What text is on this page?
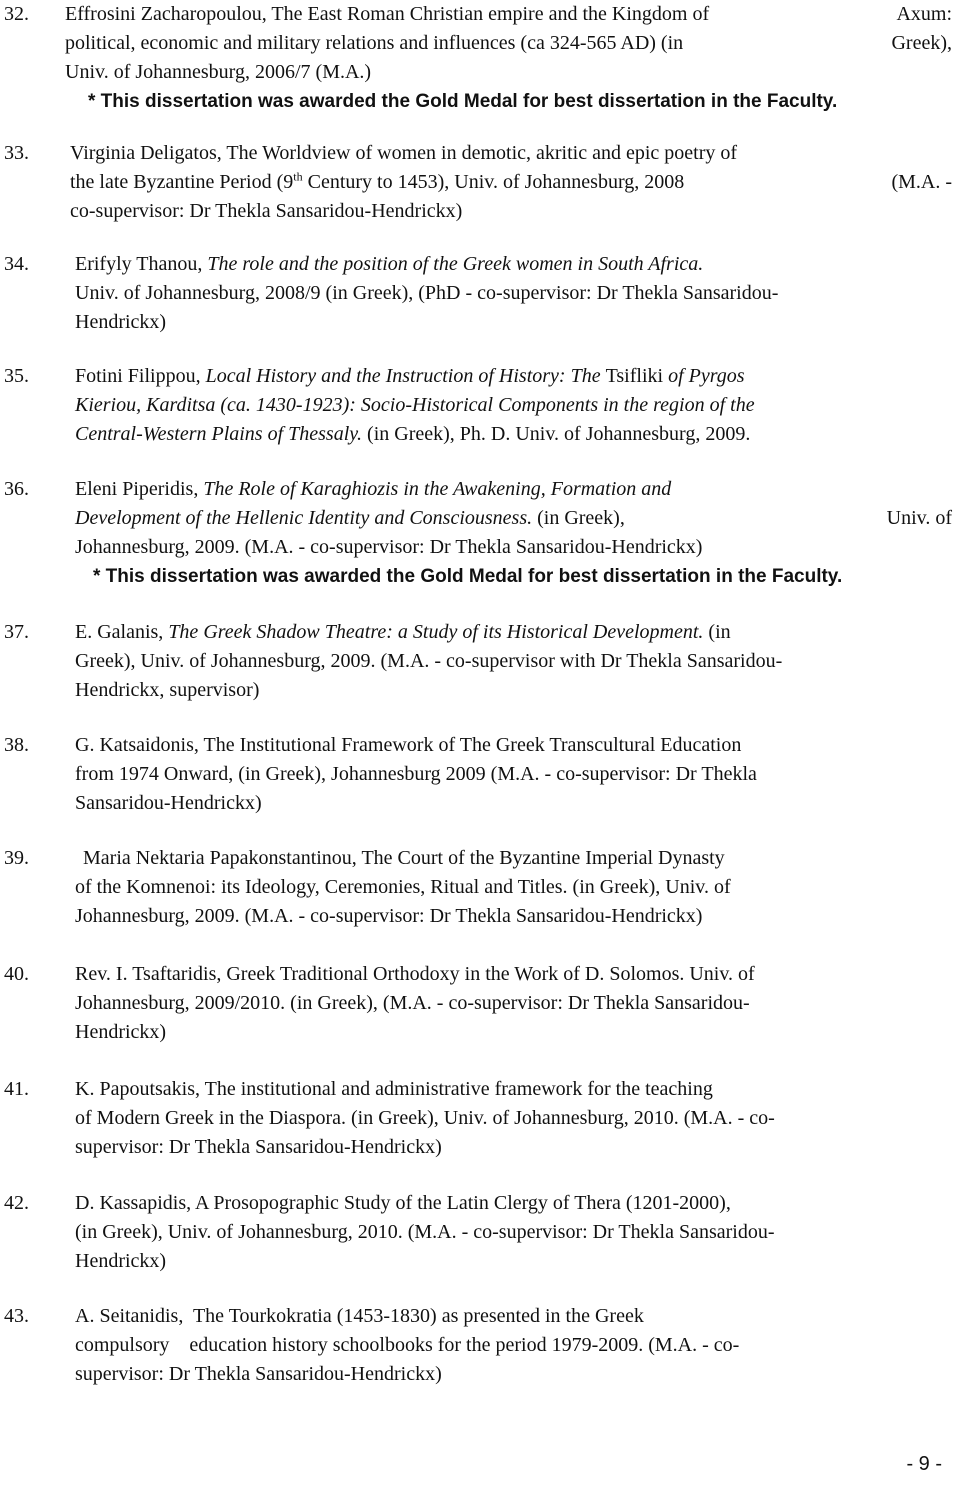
32. Effrosini Zacharopoulou, The East Roman Christian empire and the Kingdom of	Axum:
political, economic and military relations and influences (ca 324-565 AD) (in	Greek),
Univ. of Johannesburg, 2006/7 (M.A.)
* This dissertation was awarded the Gold Medal for best dissertation in the Faculty.
33. Virginia Deligatos, The Worldview of women in demotic, akritic and epic poetry of
the late Byzantine Period (9th Century to 1453), Univ. of Johannesburg, 2008	(M.A. -
co-supervisor: Dr Thekla Sansaridou-Hendrickx)
34. Erifyly Thanou, The role and the position of the Greek women in South Africa.
Univ. of Johannesburg, 2008/9 (in Greek), (PhD - co-supervisor: Dr Thekla Sansaridou-
Hendrickx)
35. Fotini Filippou, Local History and the Instruction of History: The Tsifliki of Pyrgos
Kieriou, Karditsa (ca. 1430-1923): Socio-Historical Components in the region of the
Central-Western Plains of Thessaly. (in Greek), Ph. D. Univ. of Johannesburg, 2009.
36. Eleni Piperidis, The Role of Karaghiozis in the Awakening, Formation and
Development of the Hellenic Identity and Consciousness. (in Greek),	Univ. of
Johannesburg, 2009. (M.A. - co-supervisor: Dr Thekla Sansaridou-Hendrickx)
* This dissertation was awarded the Gold Medal for best dissertation in the Faculty.
37. E. Galanis, The Greek Shadow Theatre: a Study of its Historical Development. (in
Greek), Univ. of Johannesburg, 2009. (M.A. - co-supervisor with Dr Thekla Sansaridou-
Hendrickx, supervisor)
38. G. Katsaidonis, The Institutional Framework of The Greek Transcultural Education
from 1974 Onward, (in Greek), Johannesburg 2009 (M.A. - co-supervisor: Dr Thekla
Sansaridou-Hendrickx)
39.	Maria Nektaria Papakonstantinou, The Court of the Byzantine Imperial Dynasty
of the Komnenoi: its Ideology, Ceremonies, Ritual and Titles. (in Greek), Univ. of
Johannesburg, 2009. (M.A. - co-supervisor: Dr Thekla Sansaridou-Hendrickx)
40. Rev. I. Tsaftaridis, Greek Traditional Orthodoxy in the Work of D. Solomos. Univ. of
Johannesburg, 2009/2010. (in Greek), (M.A. - co-supervisor: Dr Thekla Sansaridou-
Hendrickx)
41. K. Papoutsakis, The institutional and administrative framework for the teaching
of Modern Greek in the Diaspora. (in Greek), Univ. of Johannesburg, 2010. (M.A. - co-
supervisor: Dr Thekla Sansaridou-Hendrickx)
42. D. Kassapidis, A Prosopographic Study of the Latin Clergy of Thera (1201-2000),
(in Greek), Univ. of Johannesburg, 2010. (M.A. - co-supervisor: Dr Thekla Sansaridou-
Hendrickx)
43. A. Seitanidis,  The Tourkokratia (1453-1830) as presented in the Greek
compulsory    education history schoolbooks for the period 1979-2009. (M.A. - co-
supervisor: Dr Thekla Sansaridou-Hendrickx)
- 9 -
